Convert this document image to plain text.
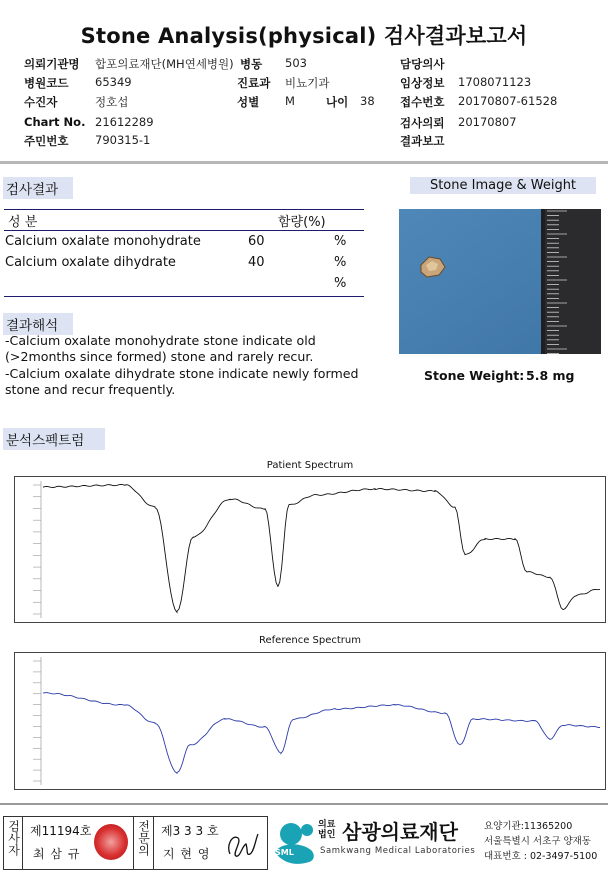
Stone Analysis(physical) 검사결과보고서
의뢰기관명 합포의료재단(MH연세병원) 병동 503	담당의사
병원코드 65349	진료과 비뇨기과	임상정보 1708071123
수진자	정호섭	성별 M	나이 38 접수번호 20170807-61528
Chart No. 21612289	검사의뢰 20170807
주민번호 790315-1	결과보고
검사결과
성 분	함량(%)
Calcium oxalate monohydrate	60	%
Calcium oxalate dihydrate	40	%
%
Stone Image & Weight
Stone Weight: 5.8 mg
결과해석
-Calcium oxalate monohydrate stone indicate old
(>2months since formed) stone and rarely recur.
-Calcium oxalate dihydrate stone indicate newly formed
stone and recur frequently.
분석스펙트럼
Patient Spectrum
Reference Spectrum
검사자 제11194호
최 삼 규	전문의 제3 3 3 호
지 현 영	SML
의료
법인 삼광의료재단
Samkwang Medical Laboratories
요양기관:11365200
서울특별시 서초구 양재동
대표번호 : 02-3497-5100
